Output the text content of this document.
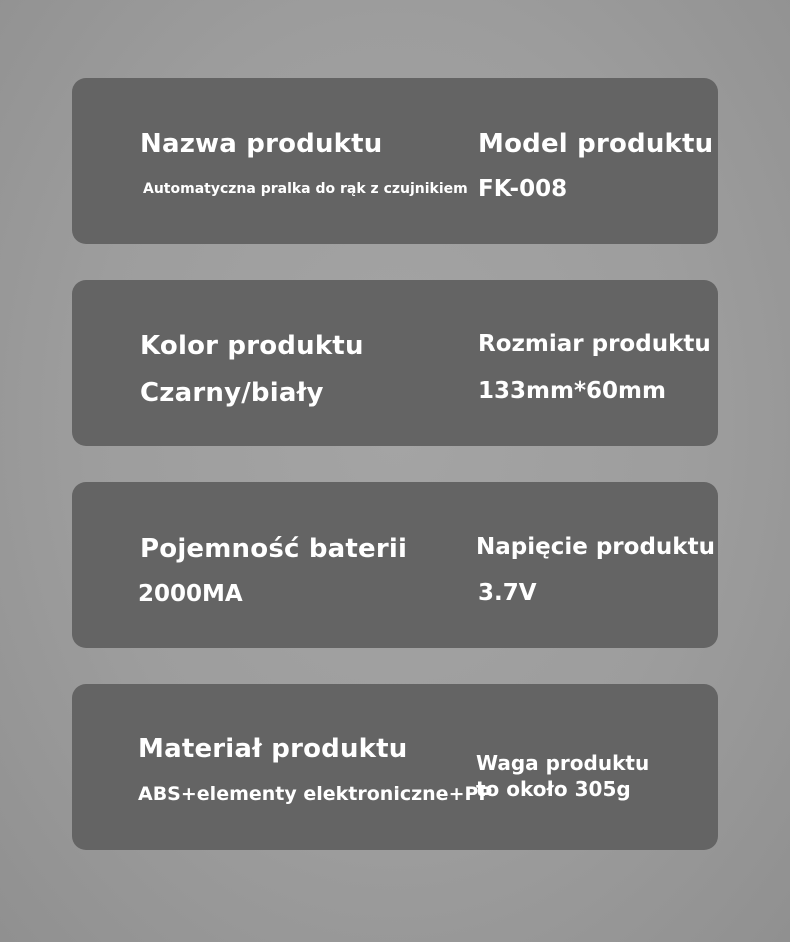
Nazwa produktu
Automatyczna pralka do rąk z czujnikiem
Model produktu
FK-008
Kolor produktu
Czarny/biały
Rozmiar produktu
133mm*60mm
Pojemność baterii
2000MA
Napięcie produktu
3.7V
Materiał produktu
ABS+elementy elektroniczne+PP
Waga produktu
to około 305g
